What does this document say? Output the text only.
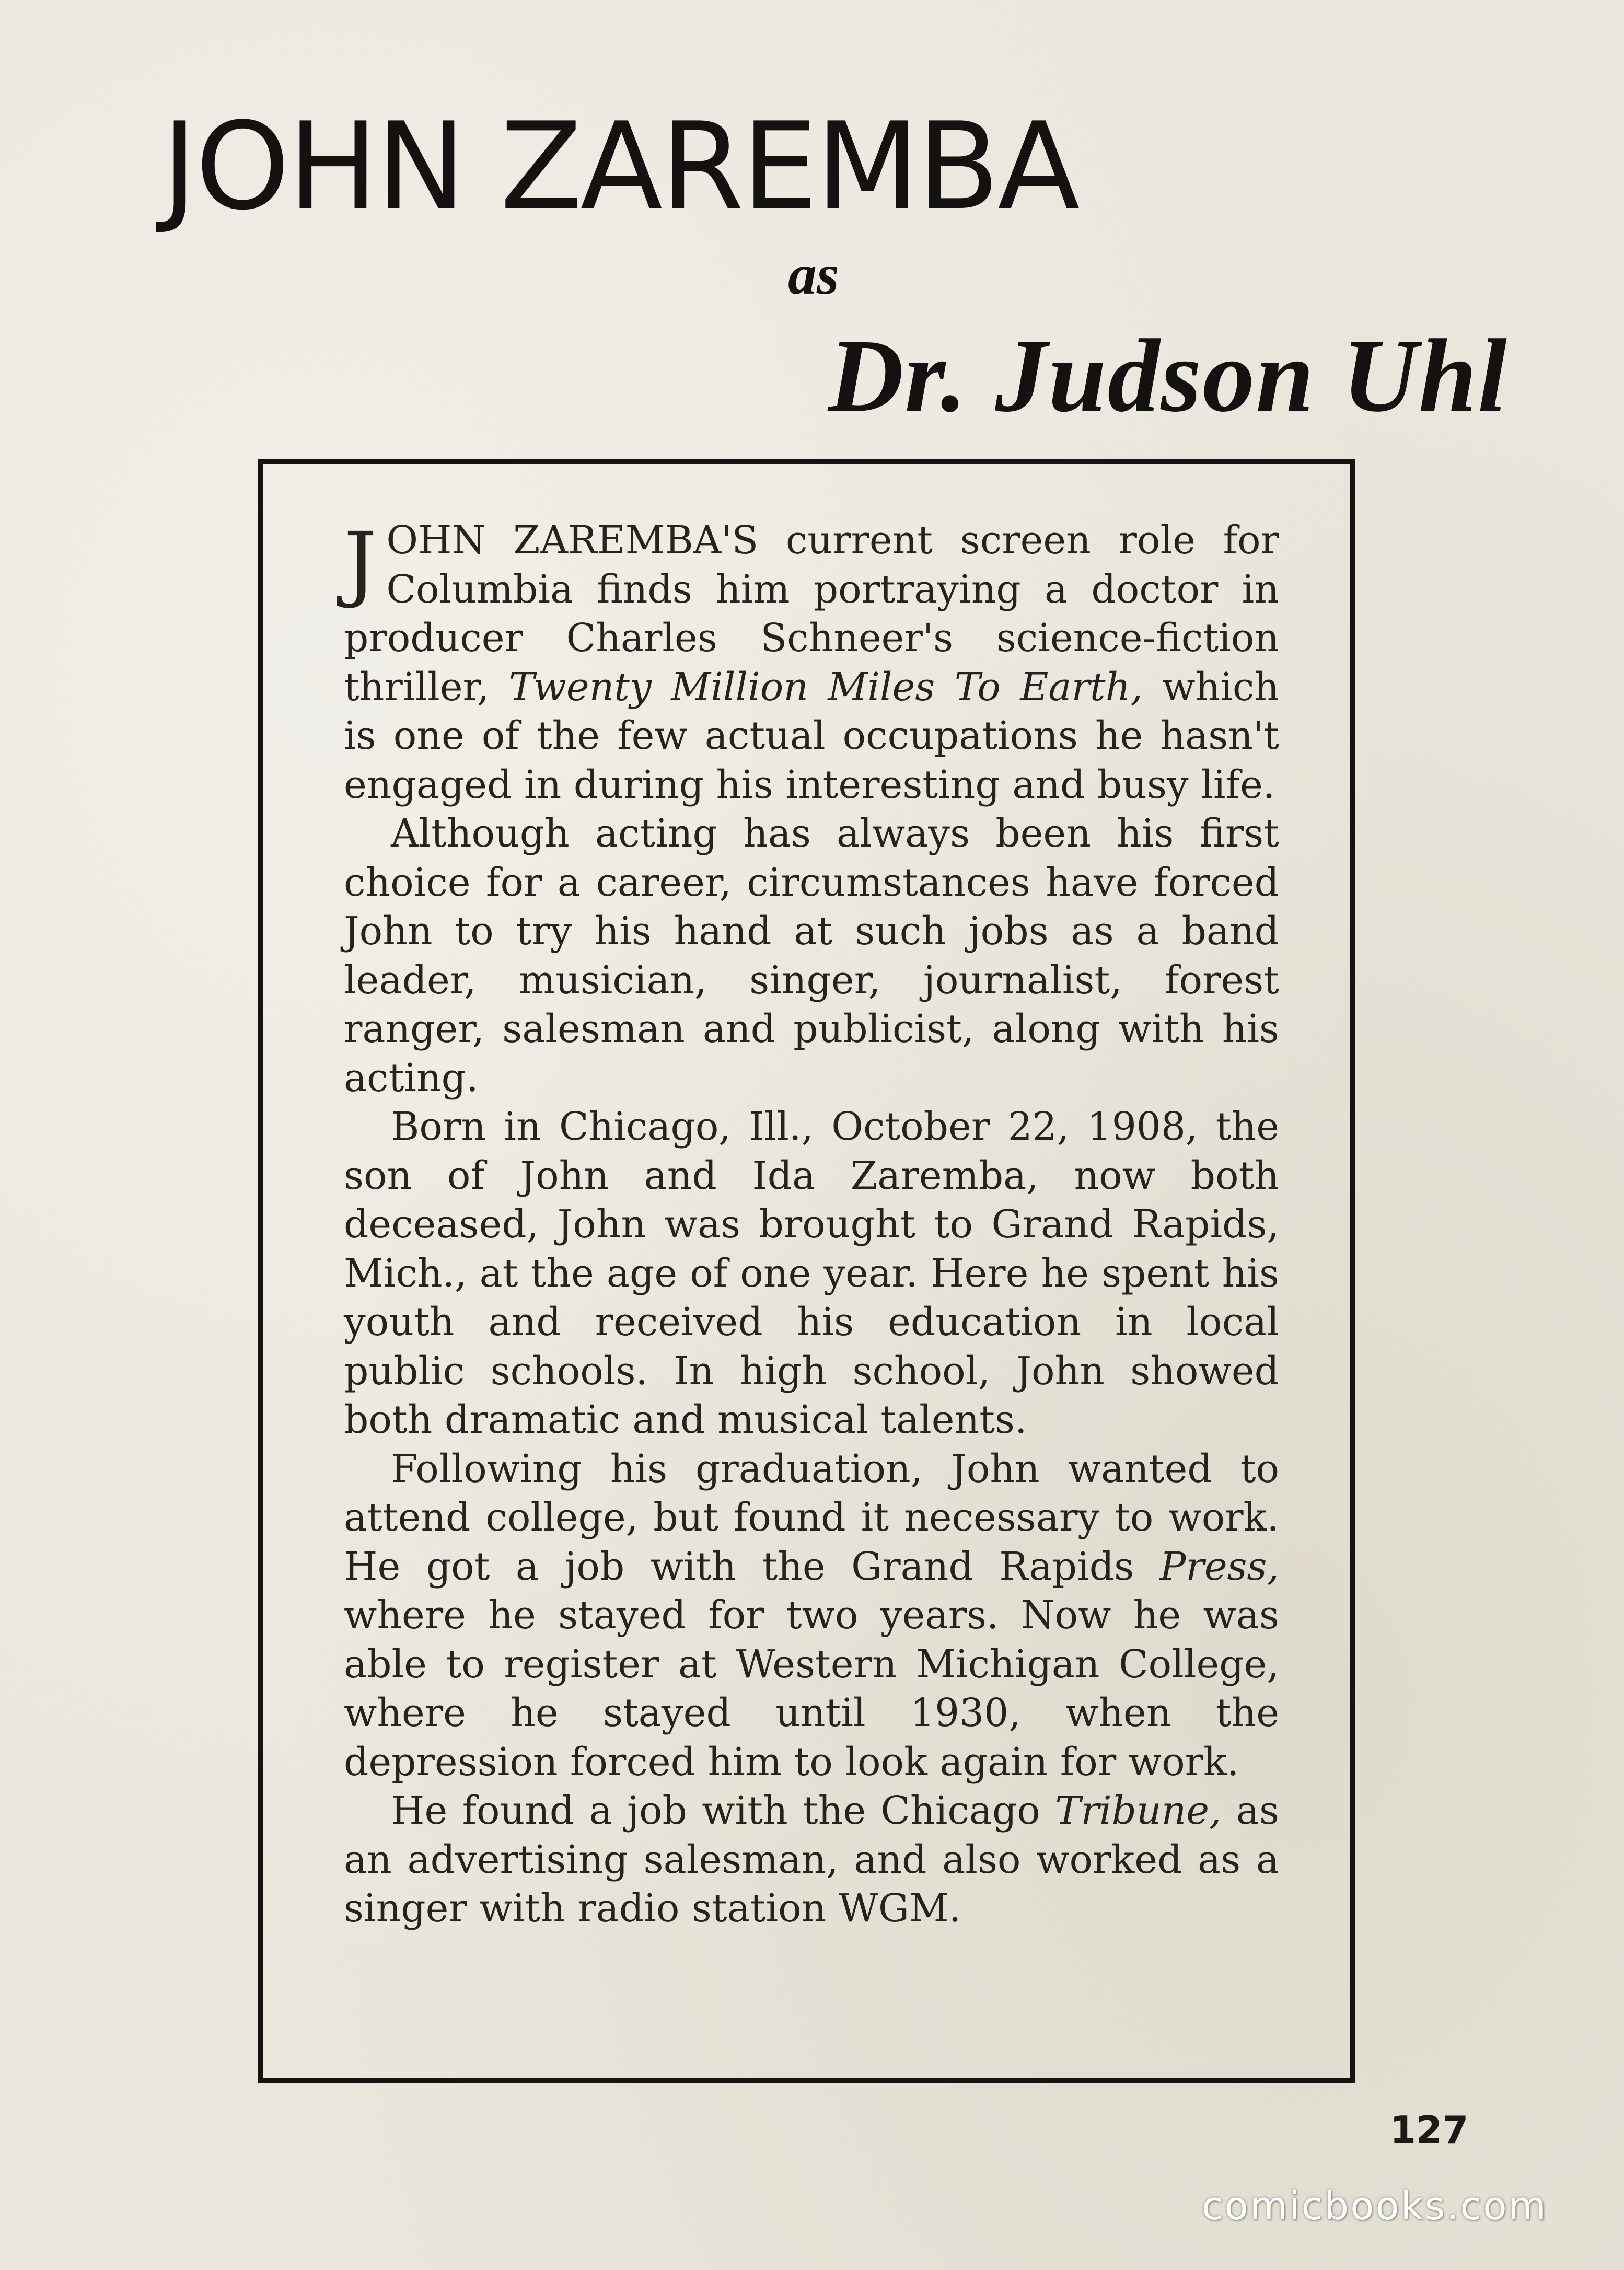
JOHN ZAREMBA
as
Dr. Judson Uhl

JOHN ZAREMBA'S current screen role for Columbia finds him portraying a doctor in producer Charles Schneer's science-fiction thriller, Twenty Million Miles To Earth, which is one of the few actual occupations he hasn't engaged in during his interesting and busy life.

Although acting has always been his first choice for a career, circumstances have forced John to try his hand at such jobs as a band leader, musician, singer, journalist, forest ranger, salesman and publicist, along with his acting.

Born in Chicago, Ill., October 22, 1908, the son of John and Ida Zaremba, now both deceased, John was brought to Grand Rapids, Mich., at the age of one year. Here he spent his youth and received his education in local public schools. In high school, John showed both dramatic and musical talents.

Following his graduation, John wanted to attend college, but found it necessary to work. He got a job with the Grand Rapids Press, where he stayed for two years. Now he was able to register at Western Michigan College, where he stayed until 1930, when the depression forced him to look again for work.

He found a job with the Chicago Tribune, as an advertising salesman, and also worked as a singer with radio station WGM.

127
comicbooks.com
